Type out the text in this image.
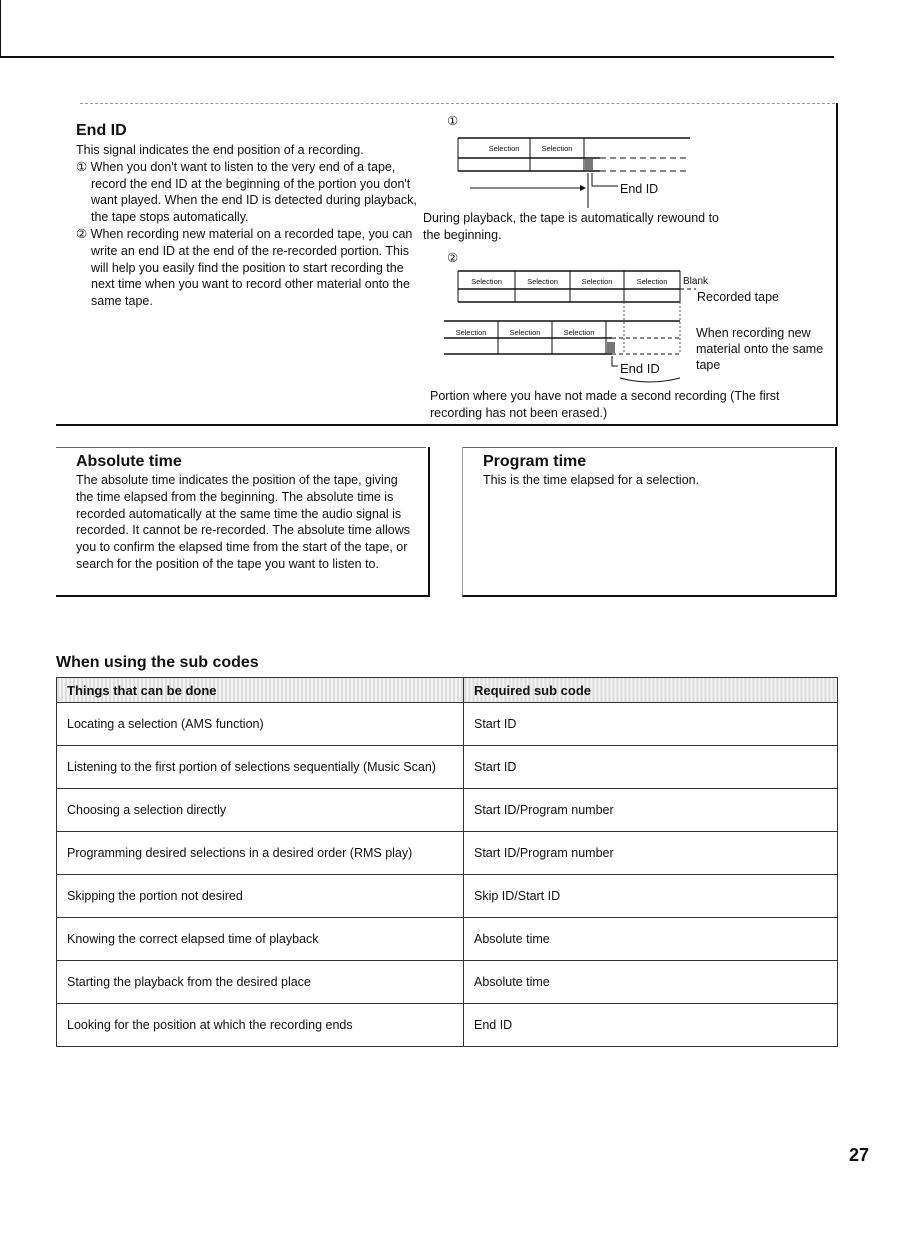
End ID
This signal indicates the end position of a recording.
① When you don't want to listen to the very end of a tape, record the end ID at the beginning of the portion you don't want played. When the end ID is detected during playback, the tape stops automatically.
② When recording new material on a recorded tape, you can write an end ID at the end of the re-recorded portion. This will help you easily find the position to start recording the next time when you want to record other material onto the same tape.
①
Selection	Selection
End ID
During playback, the tape is automatically rewound to the beginning.
②
Selection	Selection	Selection	Selection
Selection	Selection	Selection
Blank
Recorded tape
When recording new material onto the same tape
End ID
Portion where you have not made a second recording (The first recording has not been erased.)
Absolute time
The absolute time indicates the position of the tape, giving the time elapsed from the beginning. The absolute time is recorded automatically at the same time the audio signal is recorded. It cannot be re-recorded. The absolute time allows you to confirm the elapsed time from the start of the tape, or search for the position of the tape you want to listen to.
Program time
This is the time elapsed for a selection.
When using the sub codes
Things that can be done	Required sub code
Locating a selection (AMS function)	Start ID
Listening to the first portion of selections sequentially (Music Scan)	Start ID
Choosing a selection directly	Start ID/Program number
Programming desired selections in a desired order (RMS play)	Start ID/Program number
Skipping the portion not desired	Skip ID/Start ID
Knowing the correct elapsed time of playback	Absolute time
Starting the playback from the desired place	Absolute time
Looking for the position at which the recording ends	End ID
27
